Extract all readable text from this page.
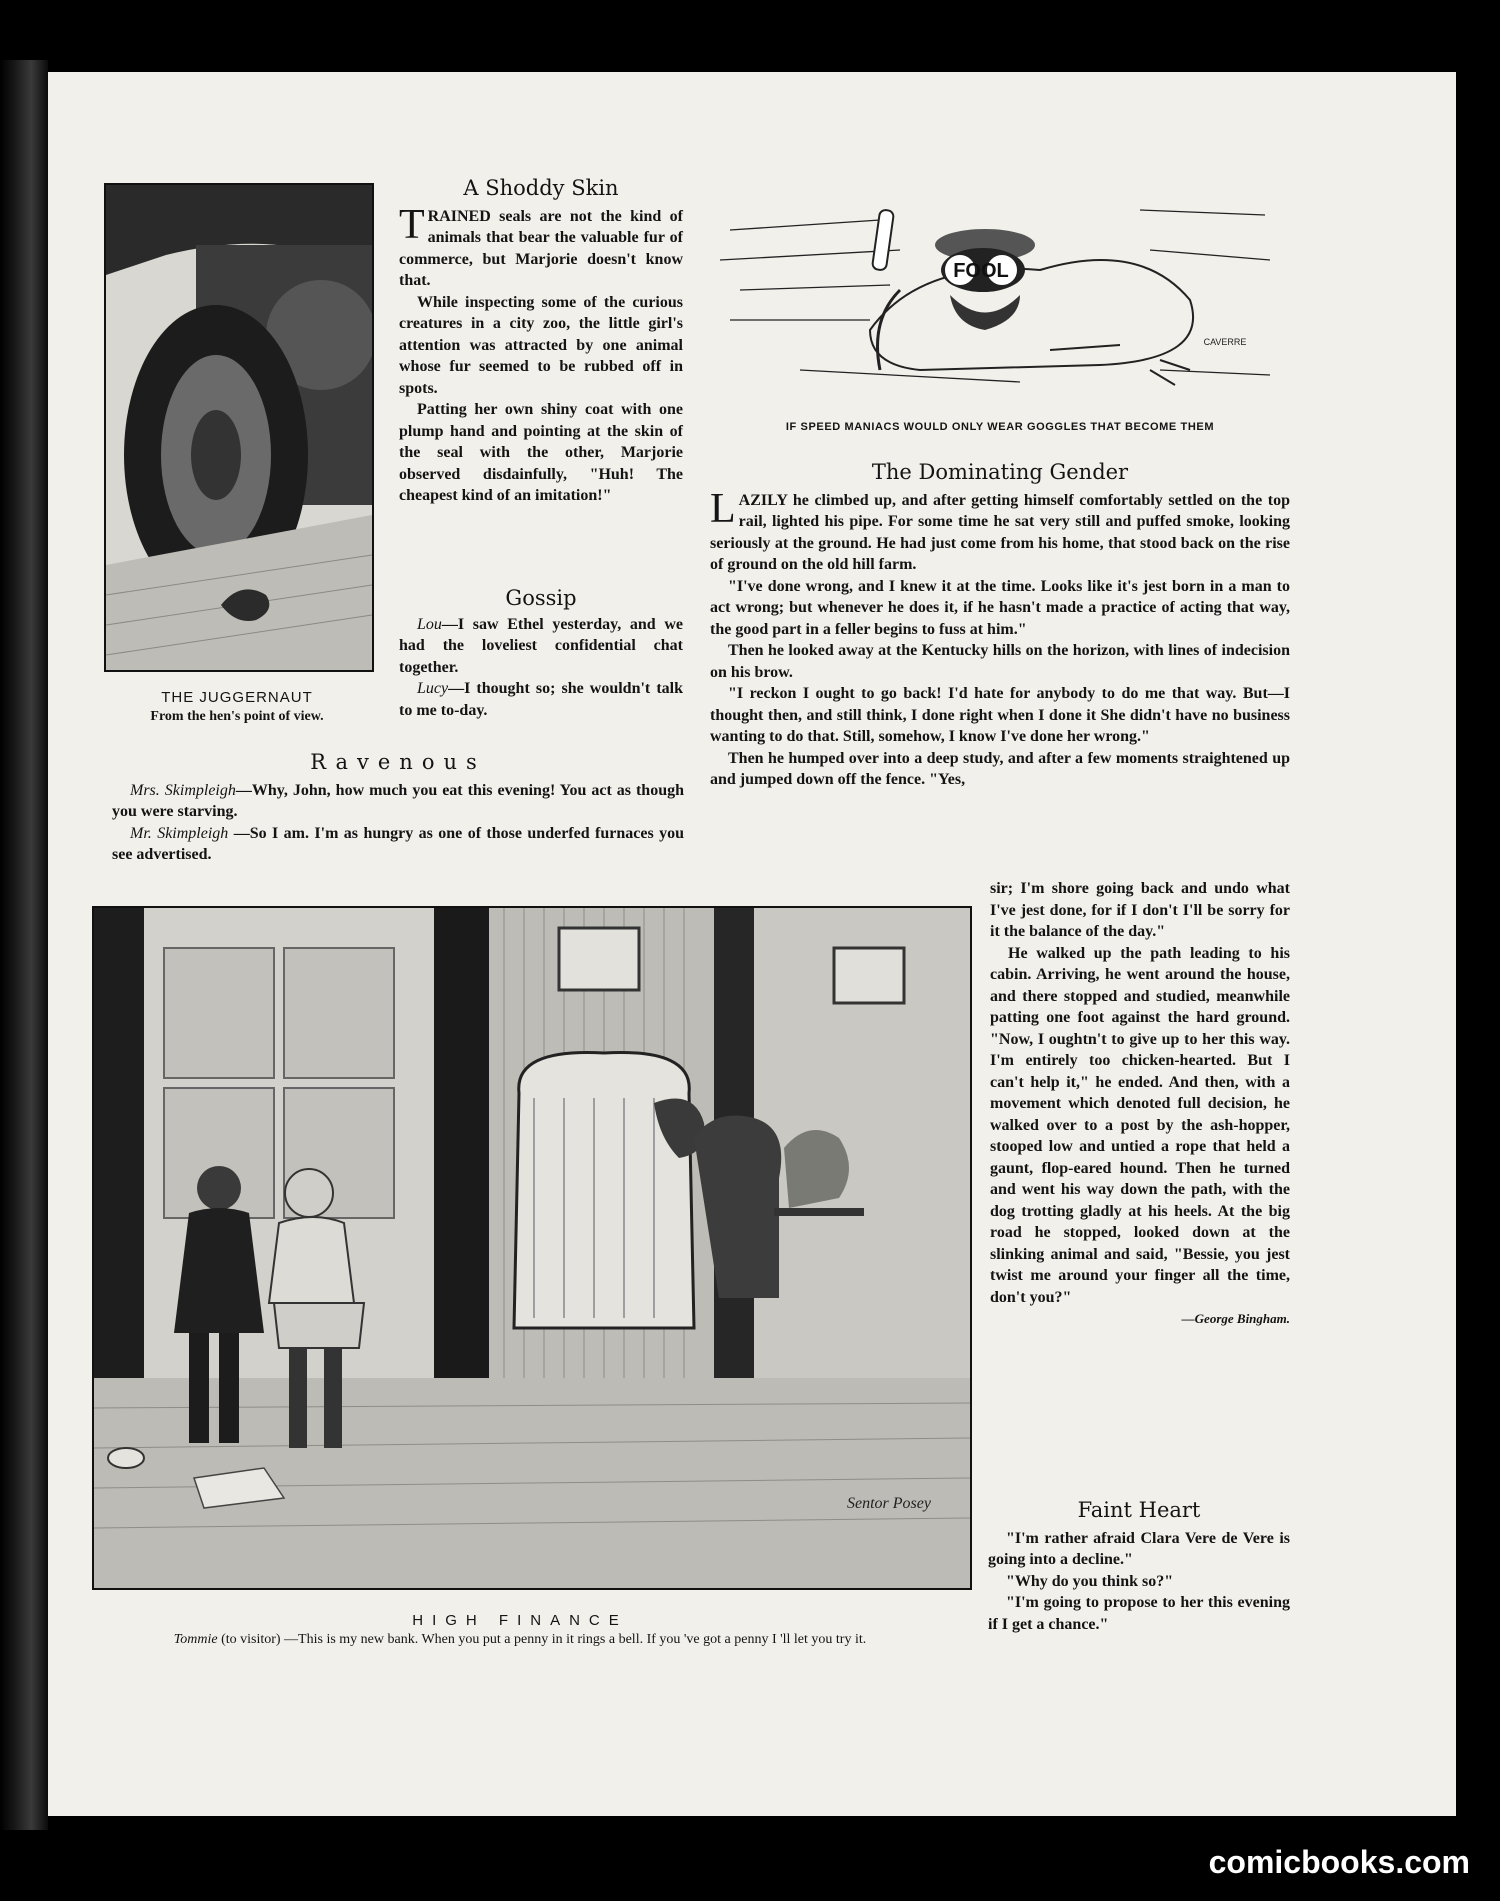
THE JUGGERNAUT
From the hen's point of view.
A Shoddy Skin

TRAINED seals are not the kind of animals that bear the valuable fur of commerce, but Marjorie doesn't know that.

While inspecting some of the curious creatures in a city zoo, the little girl's attention was attracted by one animal whose fur seemed to be rubbed off in spots.

Patting her own shiny coat with one plump hand and pointing at the skin of the seal with the other, Marjorie observed disdainfully, "Huh! The cheapest kind of an imitation!"

Gossip

Lou—I saw Ethel yesterday, and we had the loveliest confidential chat together.

Lucy—I thought so; she wouldn't talk to me to-day.

Ravenous

Mrs. Skimpleigh—Why, John, how much you eat this evening! You act as though you were starving.

Mr. Skimpleigh —So I am. I'm as hungry as one of those underfed furnaces you see advertised.

FOOL
CAVERRE
IF SPEED MANIACS WOULD ONLY WEAR GOGGLES THAT BECOME THEM
The Dominating Gender

LAZILY he climbed up, and after getting himself comfortably settled on the top rail, lighted his pipe. For some time he sat very still and puffed smoke, looking seriously at the ground. He had just come from his home, that stood back on the rise of ground on the old hill farm.

"I've done wrong, and I knew it at the time. Looks like it's jest born in a man to act wrong; but whenever he does it, if he hasn't made a practice of acting that way, the good part in a feller begins to fuss at him."

Then he looked away at the Kentucky hills on the horizon, with lines of indecision on his brow.

"I reckon I ought to go back! I'd hate for anybody to do me that way. But—I thought then, and still think, I done right when I done it She didn't have no business wanting to do that. Still, somehow, I know I've done her wrong."

Then he humped over into a deep study, and after a few moments straightened up and jumped down off the fence. "Yes,

sir; I'm shore going back and undo what I've jest done, for if I don't I'll be sorry for it the balance of the day."

He walked up the path leading to his cabin. Arriving, he went around the house, and there stopped and studied, meanwhile patting one foot against the hard ground. "Now, I oughtn't to give up to her this way. I'm entirely too chicken-hearted. But I can't help it," he ended. And then, with a movement which denoted full decision, he walked over to a post by the ash-hopper, stooped low and untied a rope that held a gaunt, flop-eared hound. Then he turned and went his way down the path, with the dog trotting gladly at his heels. At the big road he stopped, looked down at the slinking animal and said, "Bessie, you jest twist me around your finger all the time, don't you?"

—George Bingham.
Sentor Posey
HIGH FINANCE
Tommie (to visitor) —This is my new bank. When you put a penny in it rings a bell. If you 've got a penny I 'll let you try it.
Faint Heart

"I'm rather afraid Clara Vere de Vere is going into a decline."

"Why do you think so?"

"I'm going to propose to her this evening if I get a chance."

comicbooks.com
